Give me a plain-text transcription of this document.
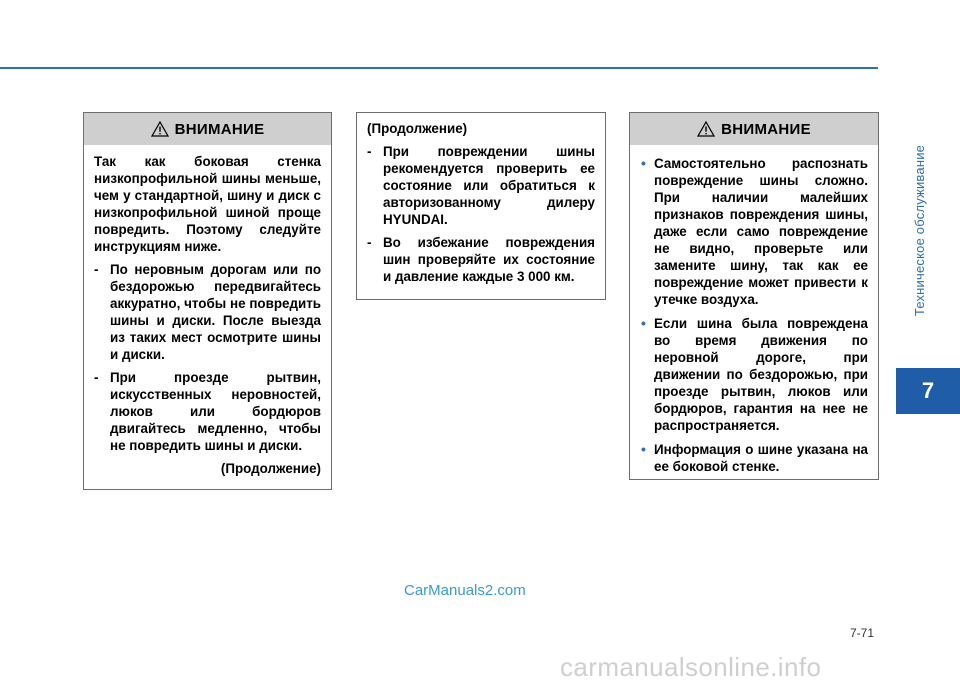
Техническое обслуживание
7
ВНИМАНИЕ

Так как боковая стенка низкопрофильной шины меньше, чем у стандартной, шину и диск с низкопрофильной шиной проще повредить. Поэтому следуйте инструкциям ниже.

- По неровным дорогам или по бездорожью передвигайтесь аккуратно, чтобы не повредить шины и диски. После выезда из таких мест осмотрите шины и диски.
- При проезде рытвин, искусственных неровностей, люков или бордюров двигайтесь медленно, чтобы не повредить шины и диски.
(Продолжение)

(Продолжение)

- При повреждении шины рекомендуется проверить ее состояние или обратиться к авторизованному дилеру HYUNDAI.
- Во избежание повреждения шин проверяйте их состояние и давление каждые 3 000 км.
ВНИМАНИЕ
• Самостоятельно распознать повреждение шины сложно. При наличии малейших признаков повреждения шины, даже если само повреждение не видно, проверьте или замените шину, так как ее повреждение может привести к утечке воздуха.
• Если шина была повреждена во время движения по неровной дороге, при движении по бездорожью, при проезде рытвин, люков или бордюров, гарантия на нее не распространяется.
• Информация о шине указана на ее боковой стенке.
CarManuals2.com
7-71
carmanualsonline.info
